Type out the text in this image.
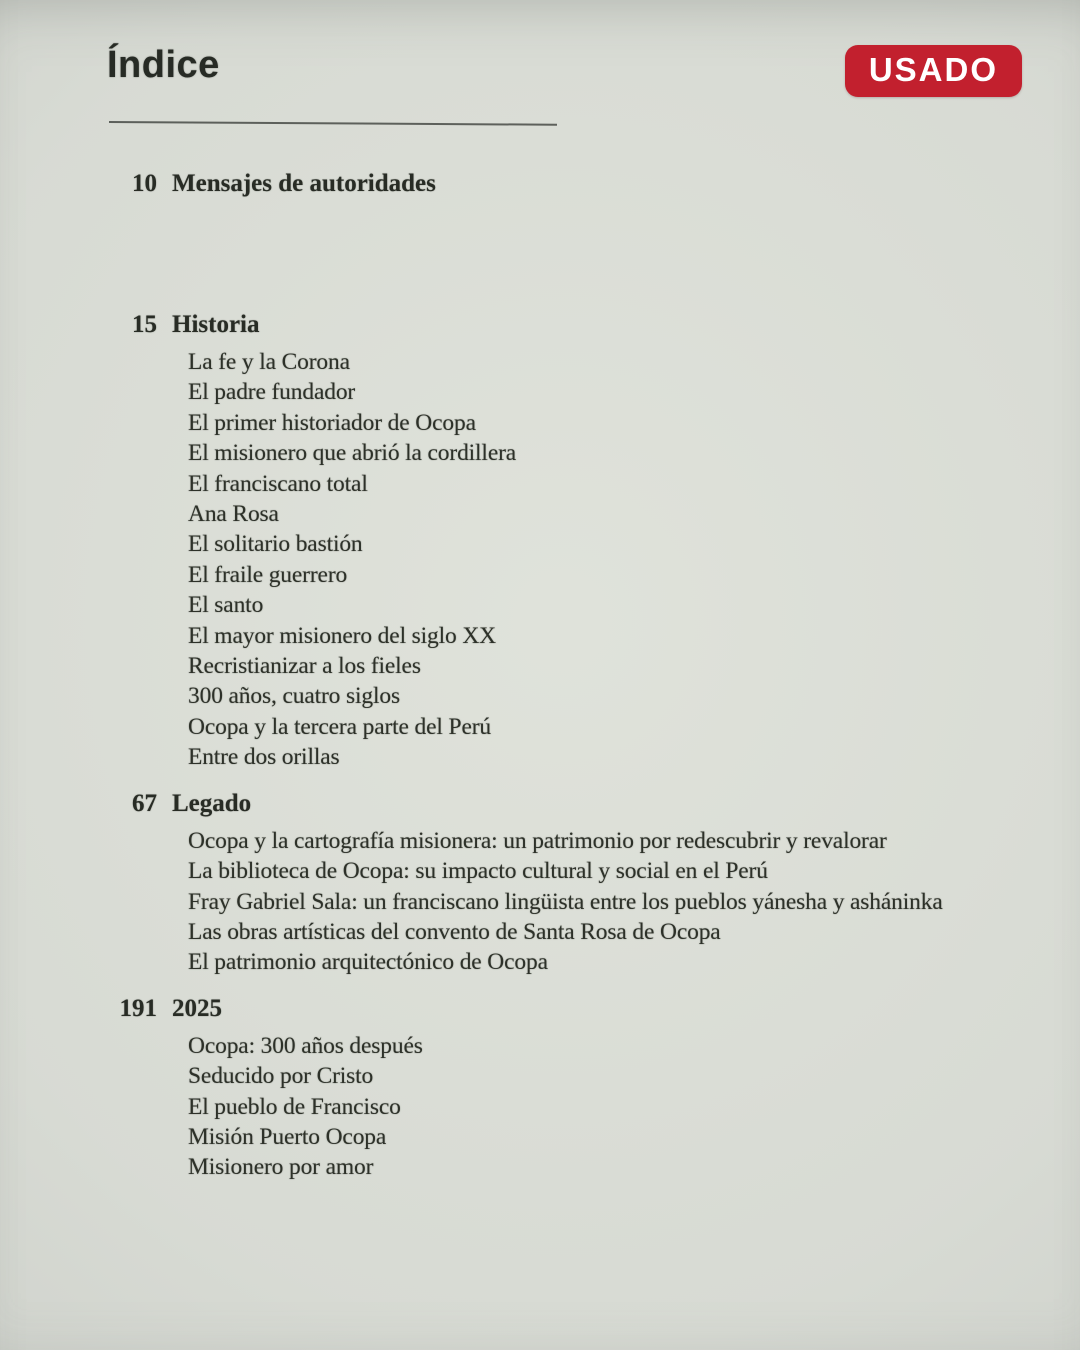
Índice	USADO
10 Mensajes de autoridades
15 Historia
La fe y la Corona
El padre fundador
El primer historiador de Ocopa
El misionero que abrió la cordillera
El franciscano total
Ana Rosa
El solitario bastión
El fraile guerrero
El santo
El mayor misionero del siglo XX
Recristianizar a los fieles
300 años, cuatro siglos
Ocopa y la tercera parte del Perú
Entre dos orillas
67 Legado
Ocopa y la cartografía misionera: un patrimonio por redescubrir y revalorar
La biblioteca de Ocopa: su impacto cultural y social en el Perú
Fray Gabriel Sala: un franciscano lingüista entre los pueblos yánesha y asháninka
Las obras artísticas del convento de Santa Rosa de Ocopa
El patrimonio arquitectónico de Ocopa
191 2025
Ocopa: 300 años después
Seducido por Cristo
El pueblo de Francisco
Misión Puerto Ocopa
Misionero por amor
